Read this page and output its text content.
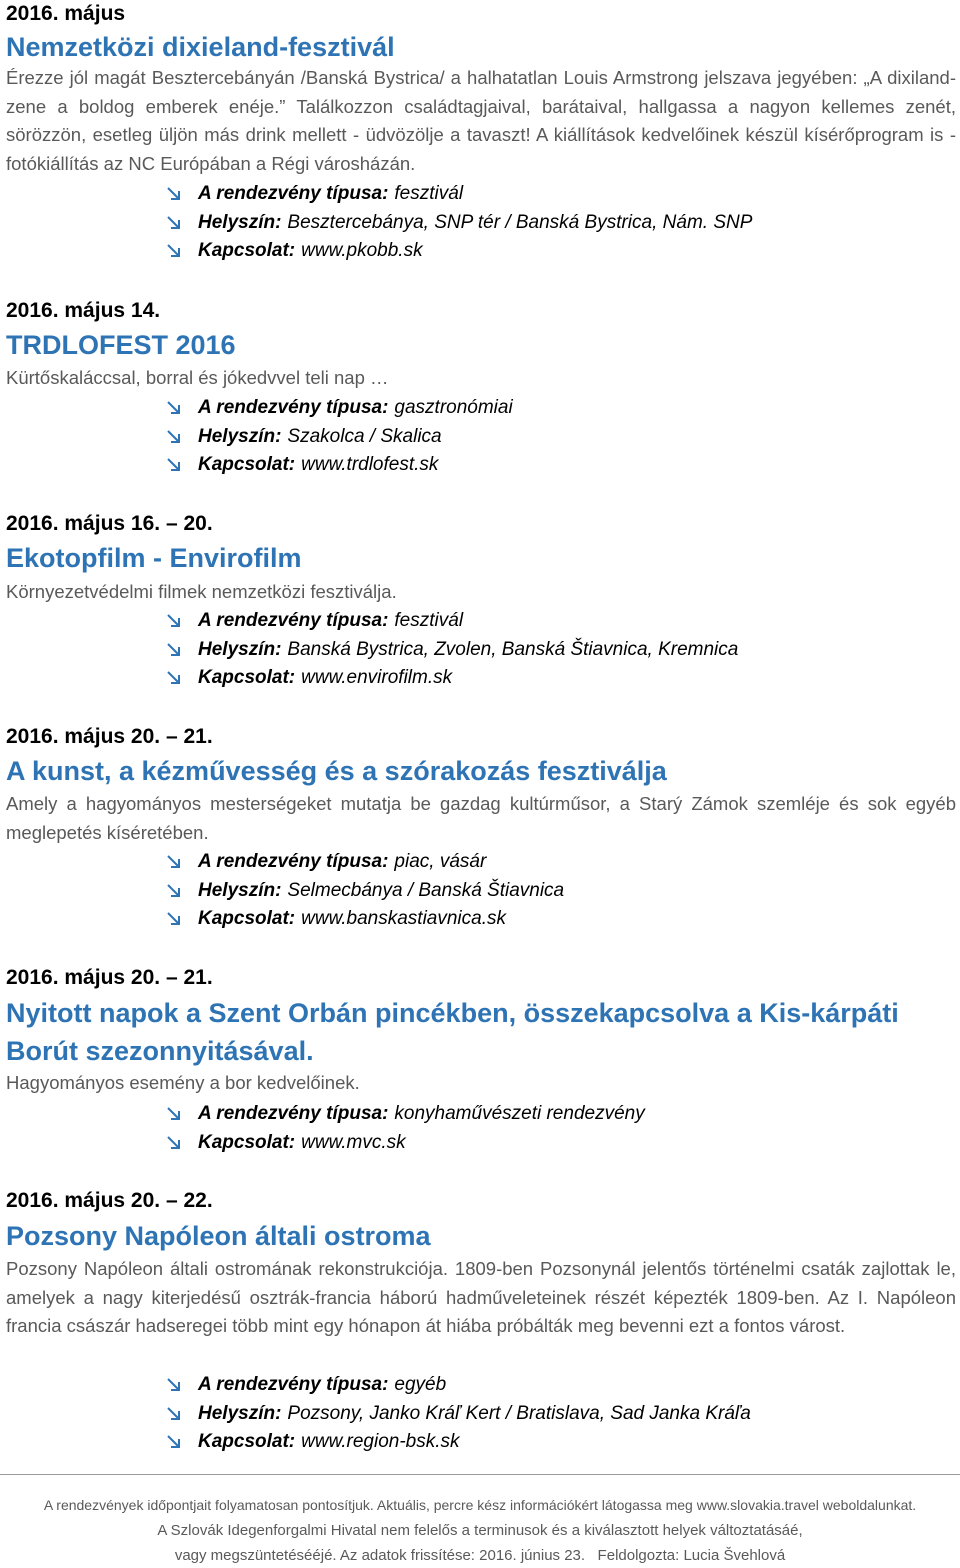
2016. május
Nemzetközi dixieland-fesztivál
Érezze jól magát Besztercebányán /Banská Bystrica/ a halhatatlan Louis Armstrong jelszava jegyében: „A dixiland-zene a boldog emberek enéje.” Találkozzon családtagjaival, barátaival, hallgassa a nagyon kellemes zenét, sörözzön, esetleg üljön más drink mellett - üdvözölje a tavaszt! A kiállítások kedvelőinek készül kísérőprogram is - fotókiállítás az NC Európában a Régi városházán.
A rendezvény típusa: fesztivál
Helyszín: Besztercebánya, SNP tér / Banská Bystrica, Nám. SNP
Kapcsolat: www.pkobb.sk
2016. május 14.
TRDLOFEST 2016
Kürtőskaláccsal, borral és jókedvvel teli nap …
A rendezvény típusa: gasztronómiai
Helyszín: Szakolca / Skalica
Kapcsolat: www.trdlofest.sk
2016. május 16. – 20.
Ekotopfilm - Envirofilm
Környezetvédelmi filmek nemzetközi fesztiválja.
A rendezvény típusa: fesztivál
Helyszín: Banská Bystrica, Zvolen, Banská Štiavnica, Kremnica
Kapcsolat: www.envirofilm.sk
2016. május 20. – 21.
A kunst, a kézművesség és a szórakozás fesztiválja
Amely a hagyományos mesterségeket mutatja be gazdag kultúrműsor, a Starý Zámok szemléje és sok egyéb meglepetés kíséretében.
A rendezvény típusa: piac, vásár
Helyszín: Selmecbánya / Banská Štiavnica
Kapcsolat: www.banskastiavnica.sk
2016. május 20. – 21.
Nyitott napok a Szent Orbán pincékben, összekapcsolva a Kis-kárpáti Borút szezonnyitásával.
Hagyományos esemény a bor kedvelőinek.
A rendezvény típusa: konyhaművészeti rendezvény
Kapcsolat: www.mvc.sk
2016. május 20. – 22.
Pozsony Napóleon általi ostroma
Pozsony Napóleon általi ostromának rekonstrukciója. 1809-ben Pozsonynál jelentős történelmi csaták zajlottak le, amelyek a nagy kiterjedésű osztrák-francia háború hadműveleteinek részét képezték 1809-ben. Az I. Napóleon francia császár hadseregei több mint egy hónapon át hiába próbálták meg bevenni ezt a fontos várost.
A rendezvény típusa: egyéb
Helyszín: Pozsony, Janko Kráľ Kert / Bratislava, Sad Janka Kráľa
Kapcsolat: www.region-bsk.sk
A rendezvények időpontjait folyamatosan pontosítjuk. Aktuális, percre kész információkért látogassa meg www.slovakia.travel weboldalunkat.
A Szlovák Idegenforgalmi Hivatal nem felelős a terminusok és a kiválasztott helyek változtatásáé,
vagy megszüntetésééjé. Az adatok frissítése: 2016. június 23.   Feldolgozta: Lucia Švehlová
